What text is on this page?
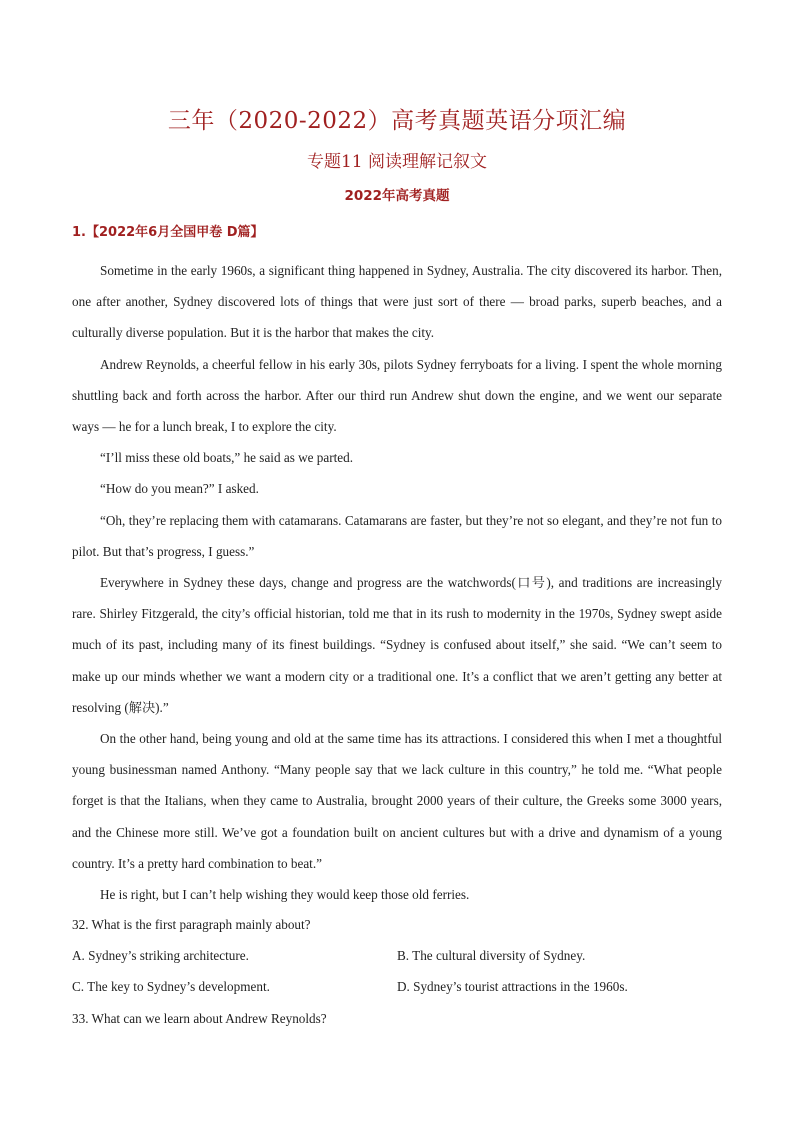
三年（2020-2022）高考真题英语分项汇编
专题11 阅读理解记叙文
2022年高考真题
1.【2022年6月全国甲卷 D篇】

Sometime in the early 1960s, a significant thing happened in Sydney, Australia. The city discovered its harbor. Then, one after another, Sydney discovered lots of things that were just sort of there — broad parks, superb beaches, and a culturally diverse population. But it is the harbor that makes the city.

Andrew Reynolds, a cheerful fellow in his early 30s, pilots Sydney ferryboats for a living. I spent the whole morning shuttling back and forth across the harbor. After our third run Andrew shut down the engine, and we went our separate ways — he for a lunch break, I to explore the city.

“I’ll miss these old boats,” he said as we parted.

“How do you mean?” I asked.

“Oh, they’re replacing them with catamarans. Catamarans are faster, but they’re not so elegant, and they’re not fun to pilot. But that’s progress, I guess.”

Everywhere in Sydney these days, change and progress are the watchwords(口号), and traditions are increasingly rare. Shirley Fitzgerald, the city’s official historian, told me that in its rush to modernity in the 1970s, Sydney swept aside much of its past, including many of its finest buildings. “Sydney is confused about itself,” she said. “We can’t seem to make up our minds whether we want a modern city or a traditional one. It’s a conflict that we aren’t getting any better at resolving (解决).”

On the other hand, being young and old at the same time has its attractions. I considered this when I met a thoughtful young businessman named Anthony. “Many people say that we lack culture in this country,” he told me. “What people forget is that the Italians, when they came to Australia, brought 2000 years of their culture, the Greeks some 3000 years, and the Chinese more still. We’ve got a foundation built on ancient cultures but with a drive and dynamism of a young country. It’s a pretty hard combination to beat.”

He is right, but I can’t help wishing they would keep those old ferries.

32. What is the first paragraph mainly about?

A. Sydney’s striking architecture.	B. The cultural diversity of Sydney.
C. The key to Sydney’s development.	D. Sydney’s tourist attractions in the 1960s.

33. What can we learn about Andrew Reynolds?
